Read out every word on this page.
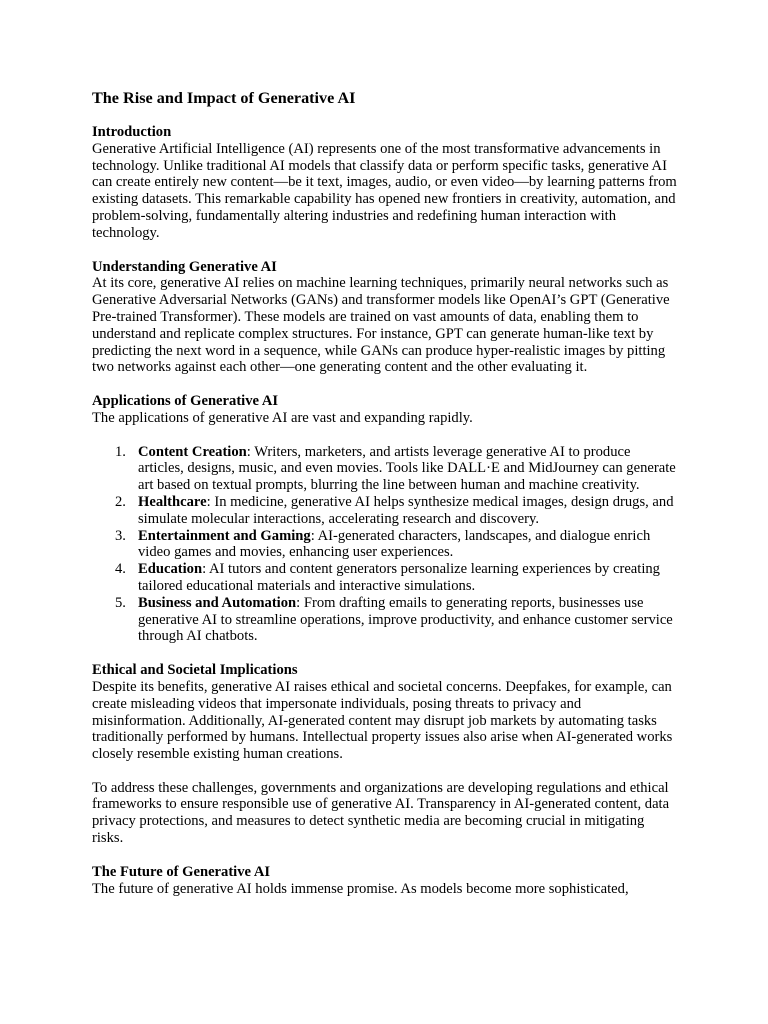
The Rise and Impact of Generative AI
Introduction

Generative Artificial Intelligence (AI) represents one of the most transformative advancements in technology. Unlike traditional AI models that classify data or perform specific tasks, generative AI can create entirely new content—be it text, images, audio, or even video—by learning patterns from existing datasets. This remarkable capability has opened new frontiers in creativity, automation, and problem-solving, fundamentally altering industries and redefining human interaction with technology.

Understanding Generative AI

At its core, generative AI relies on machine learning techniques, primarily neural networks such as Generative Adversarial Networks (GANs) and transformer models like OpenAI’s GPT (Generative Pre-trained Transformer). These models are trained on vast amounts of data, enabling them to understand and replicate complex structures. For instance, GPT can generate human-like text by predicting the next word in a sequence, while GANs can produce hyper-realistic images by pitting two networks against each other—one generating content and the other evaluating it.

Applications of Generative AI

The applications of generative AI are vast and expanding rapidly.

1. Content Creation: Writers, marketers, and artists leverage generative AI to produce articles, designs, music, and even movies. Tools like DALL·E and MidJourney can generate art based on textual prompts, blurring the line between human and machine creativity.
2. Healthcare: In medicine, generative AI helps synthesize medical images, design drugs, and simulate molecular interactions, accelerating research and discovery.
3. Entertainment and Gaming: AI-generated characters, landscapes, and dialogue enrich video games and movies, enhancing user experiences.
4. Education: AI tutors and content generators personalize learning experiences by creating tailored educational materials and interactive simulations.
5. Business and Automation: From drafting emails to generating reports, businesses use generative AI to streamline operations, improve productivity, and enhance customer service through AI chatbots.
Ethical and Societal Implications

Despite its benefits, generative AI raises ethical and societal concerns. Deepfakes, for example, can create misleading videos that impersonate individuals, posing threats to privacy and misinformation. Additionally, AI-generated content may disrupt job markets by automating tasks traditionally performed by humans. Intellectual property issues also arise when AI-generated works closely resemble existing human creations.

To address these challenges, governments and organizations are developing regulations and ethical frameworks to ensure responsible use of generative AI. Transparency in AI-generated content, data privacy protections, and measures to detect synthetic media are becoming crucial in mitigating risks.

The Future of Generative AI

The future of generative AI holds immense promise. As models become more sophisticated,
